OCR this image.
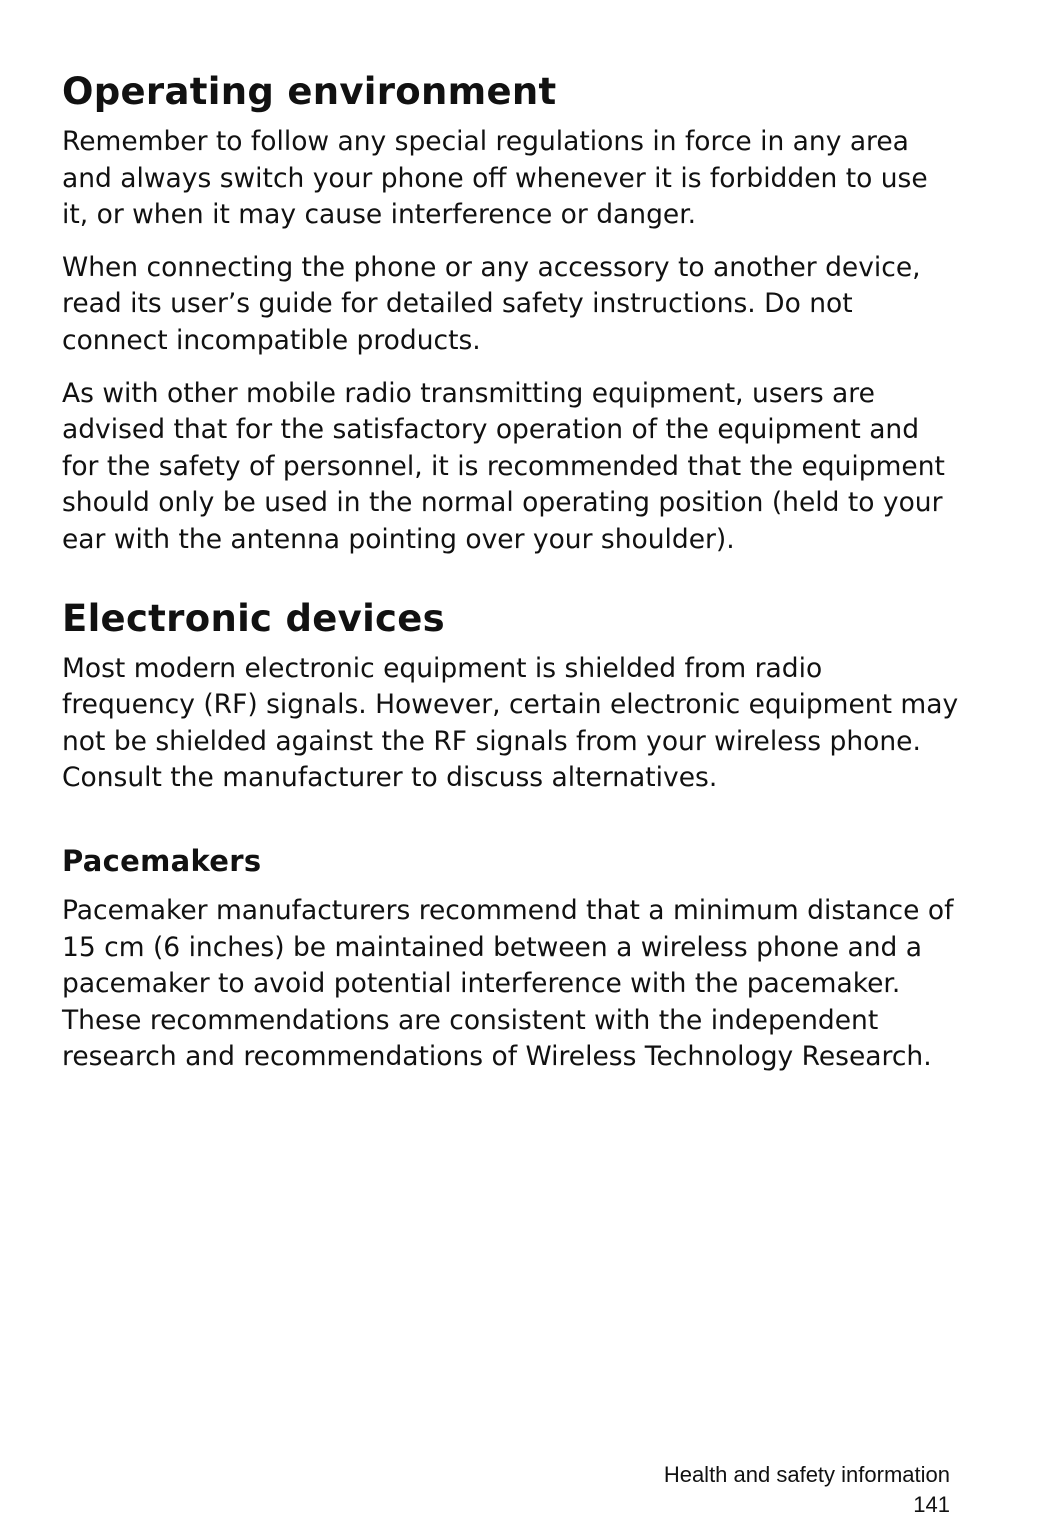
Operating environment

Remember to follow any special regulations in force in any area and always switch your phone off whenever it is forbidden to use it, or when it may cause interference or danger.

When connecting the phone or any accessory to another device, read its user’s guide for detailed safety instructions. Do not connect incompatible products.

As with other mobile radio transmitting equipment, users are advised that for the satisfactory operation of the equipment and for the safety of personnel, it is recommended that the equipment should only be used in the normal operating position (held to your ear with the antenna pointing over your shoulder).

Electronic devices

Most modern electronic equipment is shielded from radio frequency (RF) signals. However, certain electronic equipment may not be shielded against the RF signals from your wireless phone. Consult the manufacturer to discuss alternatives.

Pacemakers

Pacemaker manufacturers recommend that a minimum distance of 15 cm (6 inches) be maintained between a wireless phone and a pacemaker to avoid potential interference with the pacemaker. These recommendations are consistent with the independent research and recommendations of Wireless Technology Research.

Health and safety information
141
